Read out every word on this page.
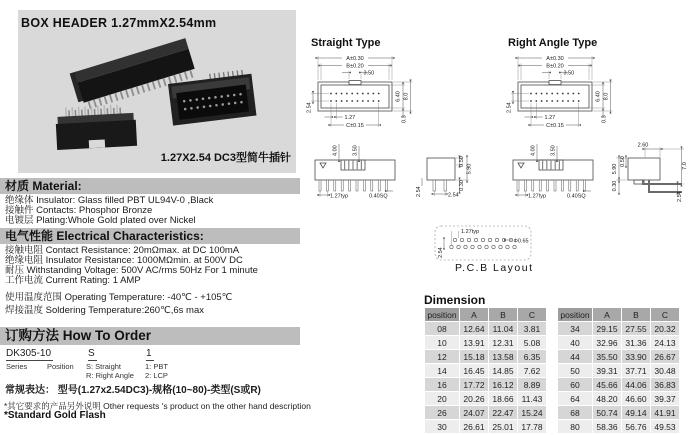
BOX HEADER 1.27mmX2.54mm
1.27X2.54 DC3型简牛插针
材质 Material:
绝缘体 Insulator: Glass filled PBT UL94V-0 ,Black
接触件 Contacts: Phosphor Bronze
电镀层 Plating:Whole Gold plated over Nickel
电气性能 Electrical Characteristics:
接触电阻 Contact Resistance: 20mΩmax. at DC 100mA
绝缘电阻 Insulator Resistance: 1000MΩmin. at 500V DC
耐压 Withstanding Voltage: 500V AC/rms 50Hz For 1 minute
工作电流 Current Rating: 1 AMP
使用温度范围 Operating Temperature: -40℃ - +105℃
焊接温度 Soldering Temperature:260℃,6s max
订购方法 How To Order
DK305-10	S	1
Series	Position S: Straight
R: Right Angle
1: PBT
2: LCP
常规表达： 型号(1.27x2.54DC3)-规格(10~80)-类型(S或R)
*其它要求的产品另外说明 Other requests 's product on the other hand description
*Standard Gold Flash
Straight Type
A±0.30
B±0.20
3.50
6.40 8.0
0.3
2.54
1.27
C±0.15
4.00	3.50
1.27typ	0.40SQ
0.50
5.90
0.30
2.54
2.54
Right Angle Type
A±0.30
B±0.20
3.50
6.40 8.0
0.3
2.54
1.27
C±0.15
4.00	3.50
1.27typ	0.40SQ
2.60
5.90
0.50
0.30
7.0
2.54
1.27typ
2.54
Φ0.65
P.C.B Layout
Dimension
position	A	B	C
08	12.64	11.04	3.81
10	13.91	12.31	5.08
12	15.18	13.58	6.35
14	16.45	14.85	7.62
16	17.72	16.12	8.89
20	20.26	18.66	11.43
26	24.07	22.47	15.24
30	26.61	25.01	17.78
position	A	B	C
34	29.15	27.55	20.32
40	32.96	31.36	24.13
44	35.50	33.90	26.67
50	39.31	37.71	30.48
60	45.66	44.06	36.83
64	48.20	46.60	39.37
68	50.74	49.14	41.91
80	58.36	56.76	49.53
